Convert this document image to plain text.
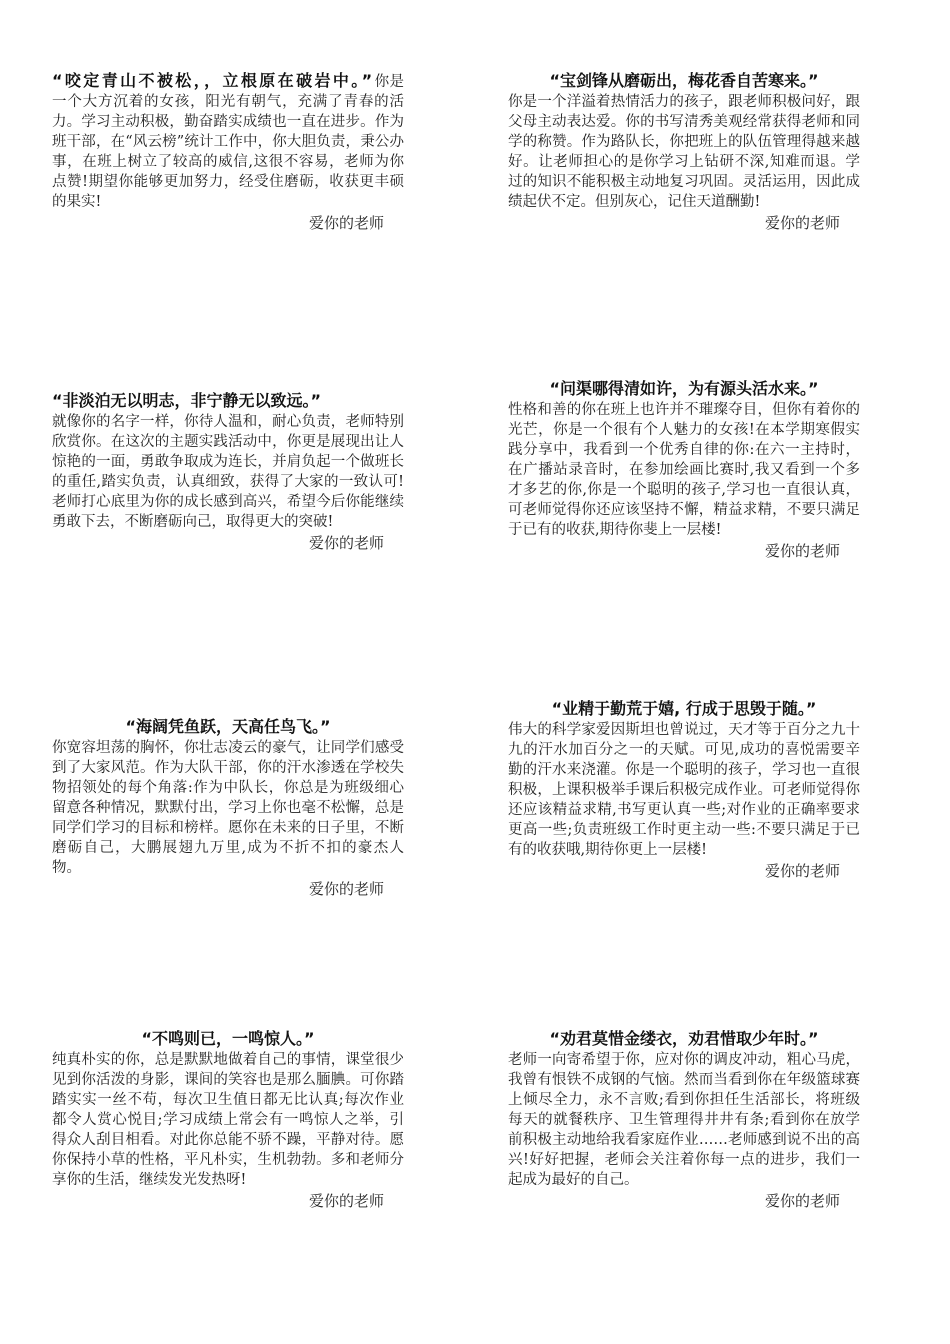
“咬定青山不被松，，立根原在破岩中。”你是一个大方沉着的女孩，阳光有朝气，充满了青春的活力。学习主动积极，勤奋踏实成绩也一直在进步。作为班干部，在“风云榜”统计工作中，你大胆负责，秉公办事，在班上树立了较高的威信,这很不容易，老师为你点赞!期望你能够更加努力，经受住磨砺，收获更丰硕的果实!

爱你的老师

“宝剑锋从磨砺出，梅花香自苦寒来。”

你是一个洋溢着热情活力的孩子，跟老师积极问好，跟父母主动表达爱。你的书写清秀美观经常获得老师和同学的称赞。作为路队长，你把班上的队伍管理得越来越好。让老师担心的是你学习上钻研不深,知难而退。学过的知识不能积极主动地复习巩固。灵活运用，因此成绩起伏不定。但别灰心，记住天道酬勤!

爱你的老师

“非淡泊无以明志，非宁静无以致远。”

就像你的名字一样，你待人温和，耐心负责，老师特别欣赏你。在这次的主题实践活动中，你更是展现出让人惊艳的一面，勇敢争取成为连长，并肩负起一个做班长的重任,踏实负责，认真细致，获得了大家的一致认可!老师打心底里为你的成长感到高兴，希望今后你能继续勇敢下去，不断磨砺向己，取得更大的突破!

爱你的老师

“问渠哪得清如许，为有源头活水来。”

性格和善的你在班上也许并不璀璨夺目，但你有着你的光芒，你是一个很有个人魅力的女孩!在本学期寒假实践分享中，我看到一个优秀自律的你:在六一主持时，在广播站录音时，在参加绘画比赛时,我又看到一个多才多艺的你,你是一个聪明的孩子,学习也一直很认真，可老师觉得你还应该坚持不懈，精益求精，不要只满足于已有的收获,期待你斐上一层楼!

爱你的老师

“海阔凭鱼跃，天高任鸟飞。”

你宽容坦荡的胸怀，你壮志凌云的豪气，让同学们感受到了大家风范。作为大队干部，你的汗水渗透在学校失物招领处的每个角落:作为中队长，你总是为班级细心留意各种情况，默默付出，学习上你也毫不松懈，总是同学们学习的目标和榜样。愿你在未来的日子里，不断磨砺自己，大鹏展翅九万里,成为不折不扣的豪杰人物。

爱你的老师

“业精于勤荒于嬉, 行成于思毁于随。”

伟大的科学家爱因斯坦也曾说过，天才等于百分之九十九的汗水加百分之一的天赋。可见,成功的喜悦需要辛勤的汗水来浇灌。你是一个聪明的孩子，学习也一直很积极，上课积极举手课后积极完成作业。可老师觉得你还应该精益求精,书写更认真一些;对作业的正确率要求更高一些;负责班级工作时更主动一些:不要只满足于已有的收获哦,期待你更上一层楼!

爱你的老师

“不鸣则已，一鸣惊人。”

纯真朴实的你，总是默默地做着自己的事情，课堂很少见到你活泼的身影，课间的笑容也是那么腼腆。可你踏踏实实一丝不苟，每次卫生值日都无比认真;每次作业都令人赏心悦目;学习成绩上常会有一鸣惊人之举，引得众人刮目相看。对此你总能不骄不躁，平静对待。愿你保持小草的性格，平凡朴实，生机勃勃。多和老师分享你的生活，继续发光发热呀!

爱你的老师

“劝君莫惜金缕衣，劝君惜取少年时。”

老师一向寄希望于你，应对你的调皮冲动，粗心马虎，我曾有恨铁不成钢的气恼。然而当看到你在年级篮球赛上倾尽全力，永不言败;看到你担任生活部长，将班级每天的就餐秩序、卫生管理得井井有条;看到你在放学前积极主动地给我看家庭作业……老师感到说不出的高兴!好好把握，老师会关注着你每一点的进步，我们一起成为最好的自己。

爱你的老师
